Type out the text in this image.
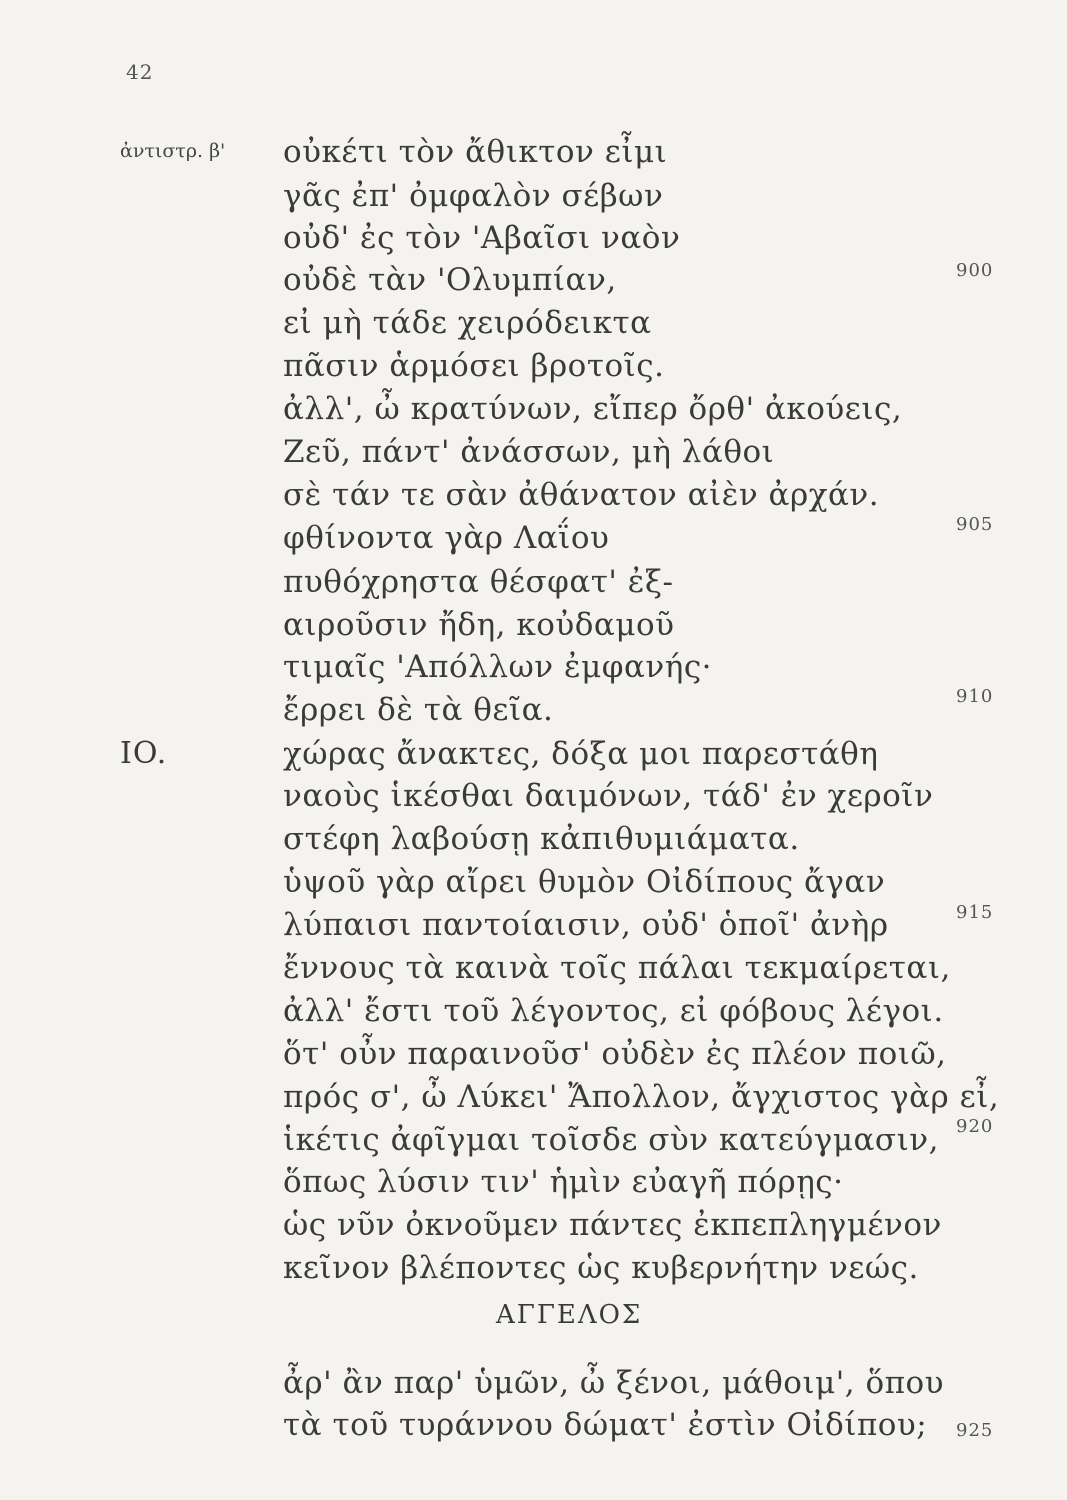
42
ἀντιστρ. β' οὐκέτι τὸν ἄθικτον εἶμι
γᾶς ἐπ' ὀμφαλὸν σέβων
οὐδ' ἐς τὸν 'Αβαῖσι ναὸν
οὐδὲ τὰν 'Ολυμπίαν,
εἰ μὴ τάδε χειρόδεικτα
πᾶσιν ἁρμόσει βροτοῖς.
ἀλλ', ὦ κρατύνων, εἴπερ ὄρθ' ἀκούεις,
Ζεῦ, πάντ' ἀνάσσων, μὴ λάθοι
σὲ τάν τε σὰν ἀθάνατον αἰὲν ἀρχάν.
φθίνοντα γὰρ Λαΐου
πυθόχρηστα θέσφατ' ἐξ-
αιροῦσιν ἤδη, κοὐδαμοῦ
τιμαῖς 'Απόλλων ἐμφανής·
ἔρρει δὲ τὰ θεῖα.
IO.	χώρας ἄνακτες, δόξα μοι παρεστάθη
ναοὺς ἱκέσθαι δαιμόνων, τάδ' ἐν χεροῖν
στέφη λαβούσῃ κἀπιθυμιάματα.
ὑψοῦ γὰρ αἴρει θυμὸν Οἰδίπους ἄγαν
λύπαισι παντοίαισιν, οὐδ' ὁποῖ' ἀνὴρ
ἔννους τὰ καινὰ τοῖς πάλαι τεκμαίρεται,
ἀλλ' ἔστι τοῦ λέγοντος, εἰ φόβους λέγοι.
ὅτ' οὖν παραινοῦσ' οὐδὲν ἐς πλέον ποιῶ,
πρός σ', ὦ Λύκει' Ἄπολλον, ἄγχιστος γὰρ εἶ,
ἱκέτις ἀφῖγμαι τοῖσδε σὺν κατεύγμασιν,
ὅπως λύσιν τιν' ἡμὶν εὐαγῆ πόρῃς·
ὡς νῦν ὀκνοῦμεν πάντες ἐκπεπληγμένον
κεῖνον βλέποντες ὡς κυβερνήτην νεώς.
ΑΓΓΕΛΟΣ
ἆρ' ἂν παρ' ὑμῶν, ὦ ξένοι, μάθοιμ', ὅπου
τὰ τοῦ τυράννου δώματ' ἐστὶν Οἰδίπου;
900
905
910
915
920
925
